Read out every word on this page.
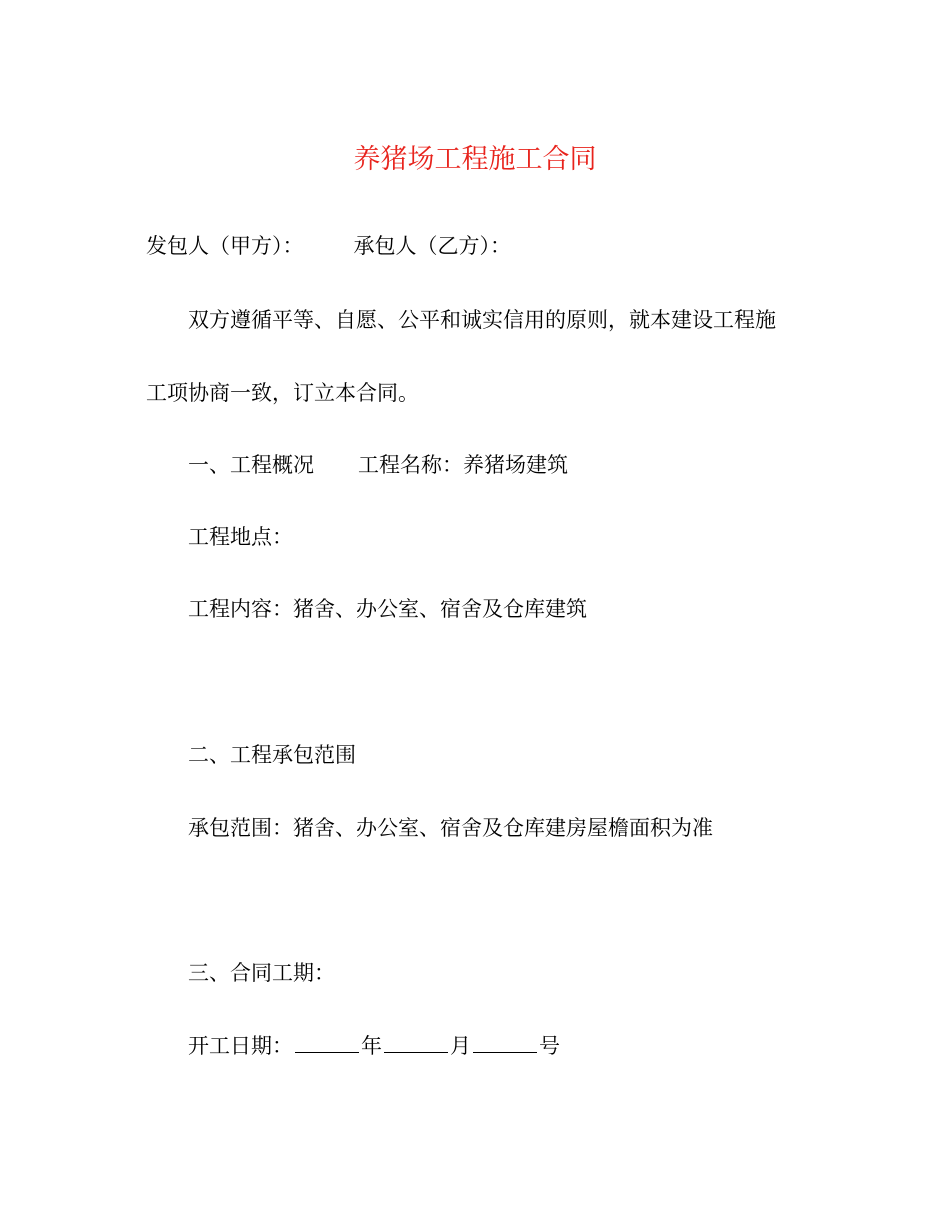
养猪场工程施工合同
发包人（甲方）： 承包人（乙方）：
双方遵循平等、自愿、公平和诚实信用的原则，就本建设工程施
工项协商一致，订立本合同。
一、工程概况 工程名称：养猪场建筑
工程地点：
工程内容：猪舍、办公室、宿舍及仓库建筑
二、工程承包范围
承包范围：猪舍、办公室、宿舍及仓库建房屋檐面积为准
三、合同工期：
开工日期：	年	月	号
